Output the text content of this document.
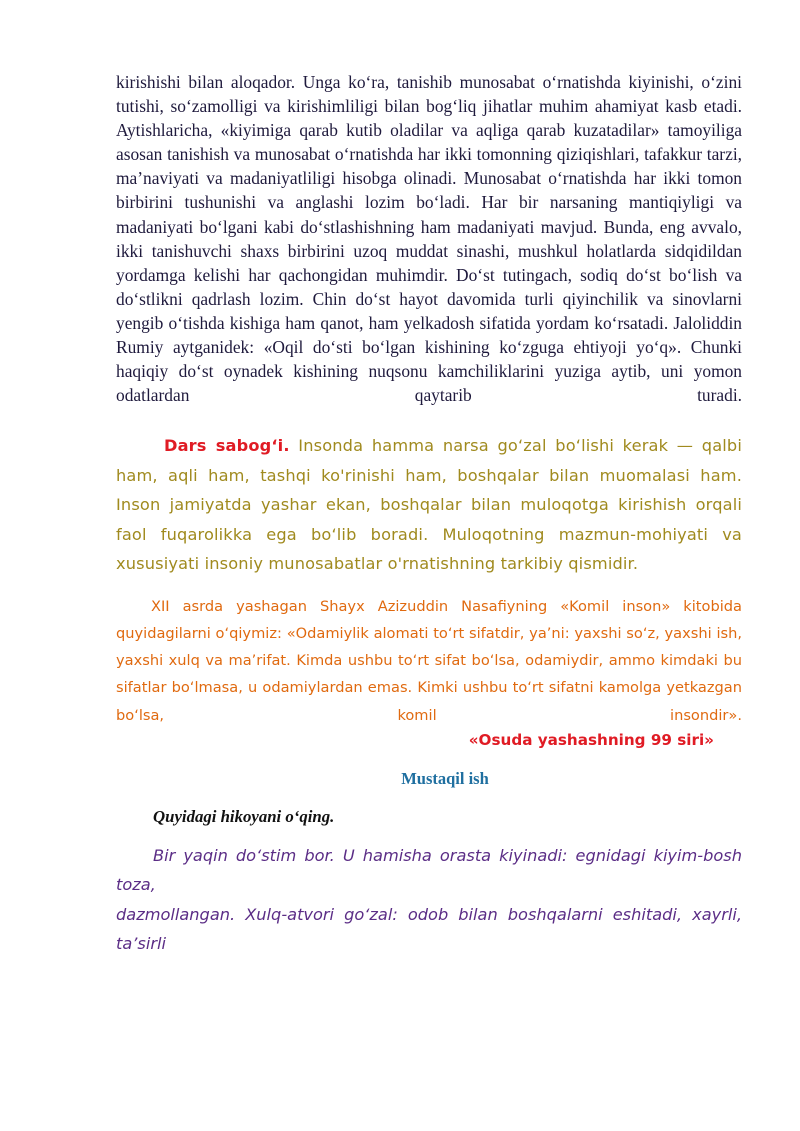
kirishishi bilan aloqador. Unga ko‘ra, tanishib munosabat o‘rnatishda kiyinishi, o‘zini tutishi, so‘zamolligi va kirishimliligi bilan bog‘liq jihatlar muhim ahamiyat kasb etadi. Aytishlaricha, «kiyimiga qarab kutib oladilar va aqliga qarab kuzatadilar» tamoyiliga asosan tanishish va munosabat o‘rnatishda har ikki tomonning qiziqishlari, tafakkur tarzi, ma’naviyati va madaniyatliligi hisobga olinadi. Munosabat o‘rnatishda har ikki tomon birbirini tushunishi va anglashi lozim bo‘ladi. Har bir narsaning mantiqiyligi va madaniyati bo‘lgani kabi do‘stlashishning ham madaniyati mavjud. Bunda, eng avvalo, ikki tanishuvchi shaxs birbirini uzoq muddat sinashi, mushkul holatlarda sidqidildan yordamga kelishi har qachongidan muhimdir. Do‘st tutingach, sodiq do‘st bo‘lish va do‘stlikni qadrlash lozim. Chin do‘st hayot davomida turli qiyinchilik va sinovlarni yengib o‘tishda kishiga ham qanot, ham yelkadosh sifatida yordam ko‘rsatadi. Jaloliddin Rumiy aytganidek: «Oqil do‘sti bo‘lgan kishining ko‘zguga ehtiyoji yo‘q». Chunki haqiqiy do‘st oynadek kishining nuqsonu kamchiliklarini yuziga aytib, uni yomon odatlardan qaytarib turadi.

Dars sabog‘i. Insonda hamma narsa go‘zal bo‘lishi kerak — qalbi ham, aqli ham, tashqi ko'rinishi ham, boshqalar bilan muomalasi ham. Inson jamiyatda yashar ekan, boshqalar bilan muloqotga kirishish orqali faol fuqarolikka ega bo‘lib boradi. Muloqotning mazmun-mohiyati va xususiyati insoniy munosabatlar o'rnatishning tarkibiy qismidir.

XII asrda yashagan Shayx Azizuddin Nasafiyning «Komil inson» kitobida quyidagilarni o‘qiymiz: «Odamiylik alomati to‘rt sifatdir, ya’ni: yaxshi so‘z, yaxshi ish, yaxshi xulq va ma’rifat. Kimda ushbu to‘rt sifat bo‘lsa, odamiydir, ammo kimdaki bu sifatlar bo‘lmasa, u odamiylardan emas. Kimki ushbu to‘rt sifatni kamolga yetkazgan bo‘lsa, komil insondir».

«Osuda yashashning 99 siri»
Mustaqil ish
Quyidagi hikoyani o‘qing.

Bir yaqin do‘stim bor. U hamisha orasta kiyinadi: egnidagi kiyim-bosh toza,
dazmollangan. Xulq-atvori go‘zal: odob bilan boshqalarni eshitadi, xayrli, ta’sirli
